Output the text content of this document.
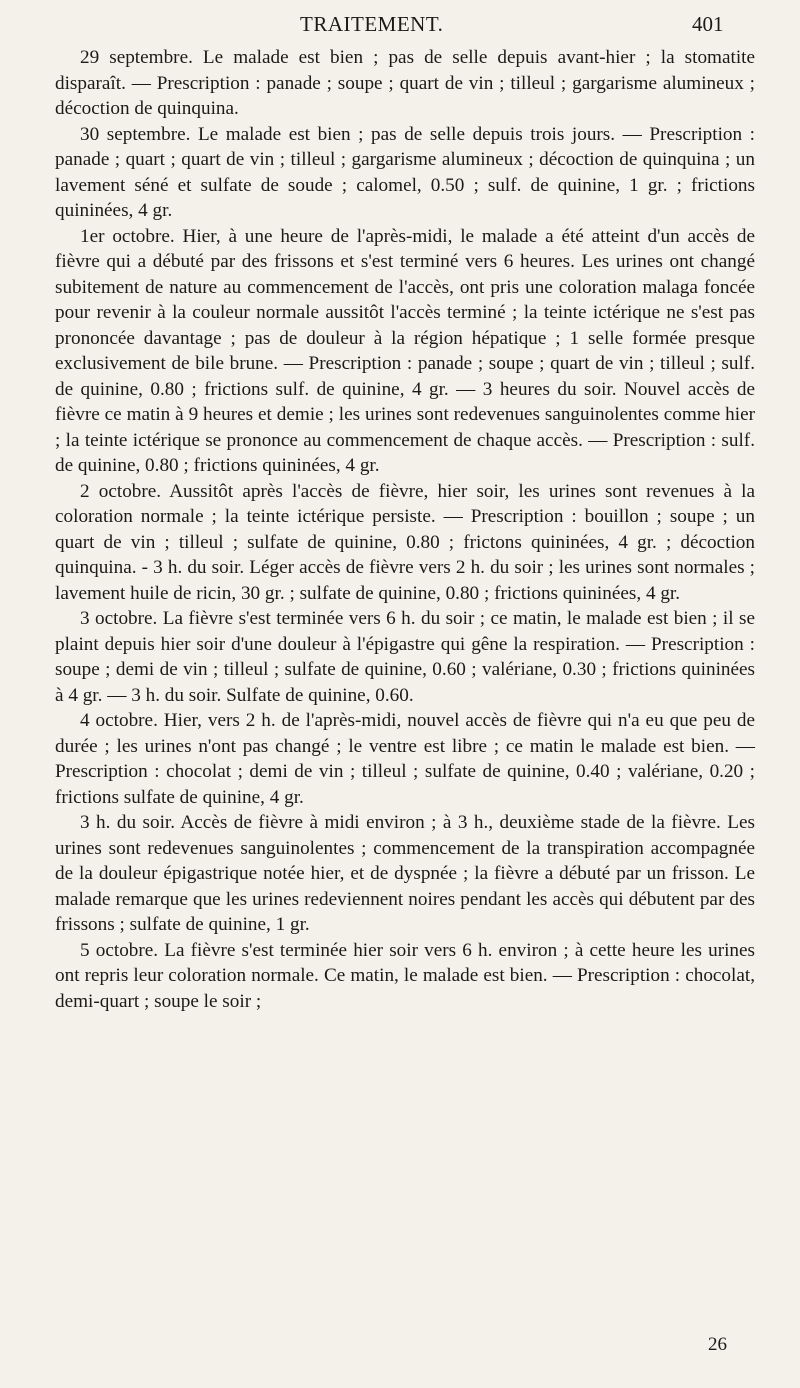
TRAITEMENT.	401

29 septembre. Le malade est bien ; pas de selle depuis avant-hier ; la stomatite disparaît. — Prescription : panade ; soupe ; quart de vin ; tilleul ; gargarisme alumineux ; décoction de quinquina.

30 septembre. Le malade est bien ; pas de selle depuis trois jours. — Prescription : panade ; quart ; quart de vin ; tilleul ; gargarisme alumineux ; décoction de quinquina ; un lavement séné et sulfate de soude ; calomel, 0.50 ; sulf. de quinine, 1 gr. ; frictions quininées, 4 gr.

1er octobre. Hier, à une heure de l'après-midi, le malade a été atteint d'un accès de fièvre qui a débuté par des frissons et s'est terminé vers 6 heures. Les urines ont changé subitement de nature au commencement de l'accès, ont pris une coloration malaga foncée pour revenir à la couleur normale aussitôt l'accès terminé ; la teinte ictérique ne s'est pas prononcée davantage ; pas de douleur à la région hépatique ; 1 selle formée presque exclusivement de bile brune. — Prescription : panade ; soupe ; quart de vin ; tilleul ; sulf. de quinine, 0.80 ; frictions sulf. de quinine, 4 gr. — 3 heures du soir. Nouvel accès de fièvre ce matin à 9 heures et demie ; les urines sont redevenues sanguinolentes comme hier ; la teinte ictérique se prononce au commencement de chaque accès. — Prescription : sulf. de quinine, 0.80 ; frictions quininées, 4 gr.

2 octobre. Aussitôt après l'accès de fièvre, hier soir, les urines sont revenues à la coloration normale ; la teinte ictérique persiste. — Prescription : bouillon ; soupe ; un quart de vin ; tilleul ; sulfate de quinine, 0.80 ; frictons quininées, 4 gr. ; décoction quinquina. - 3 h. du soir. Léger accès de fièvre vers 2 h. du soir ; les urines sont normales ; lavement huile de ricin, 30 gr. ; sulfate de quinine, 0.80 ; frictions quininées, 4 gr.

3 octobre. La fièvre s'est terminée vers 6 h. du soir ; ce matin, le malade est bien ; il se plaint depuis hier soir d'une douleur à l'épigastre qui gêne la respiration. — Prescription : soupe ; demi de vin ; tilleul ; sulfate de quinine, 0.60 ; valériane, 0.30 ; frictions quininées à 4 gr. — 3 h. du soir. Sulfate de quinine, 0.60.

4 octobre. Hier, vers 2 h. de l'après-midi, nouvel accès de fièvre qui n'a eu que peu de durée ; les urines n'ont pas changé ; le ventre est libre ; ce matin le malade est bien. — Prescription : chocolat ; demi de vin ; tilleul ; sulfate de quinine, 0.40 ; valériane, 0.20 ; frictions sulfate de quinine, 4 gr.

3 h. du soir. Accès de fièvre à midi environ ; à 3 h., deuxième stade de la fièvre. Les urines sont redevenues sanguinolentes ; commencement de la transpiration accompagnée de la douleur épigastrique notée hier, et de dyspnée ; la fièvre a débuté par un frisson. Le malade remarque que les urines redeviennent noires pendant les accès qui débutent par des frissons ; sulfate de quinine, 1 gr.

5 octobre. La fièvre s'est terminée hier soir vers 6 h. environ ; à cette heure les urines ont repris leur coloration normale. Ce matin, le malade est bien. — Prescription : chocolat, demi-quart ; soupe le soir ;

26
